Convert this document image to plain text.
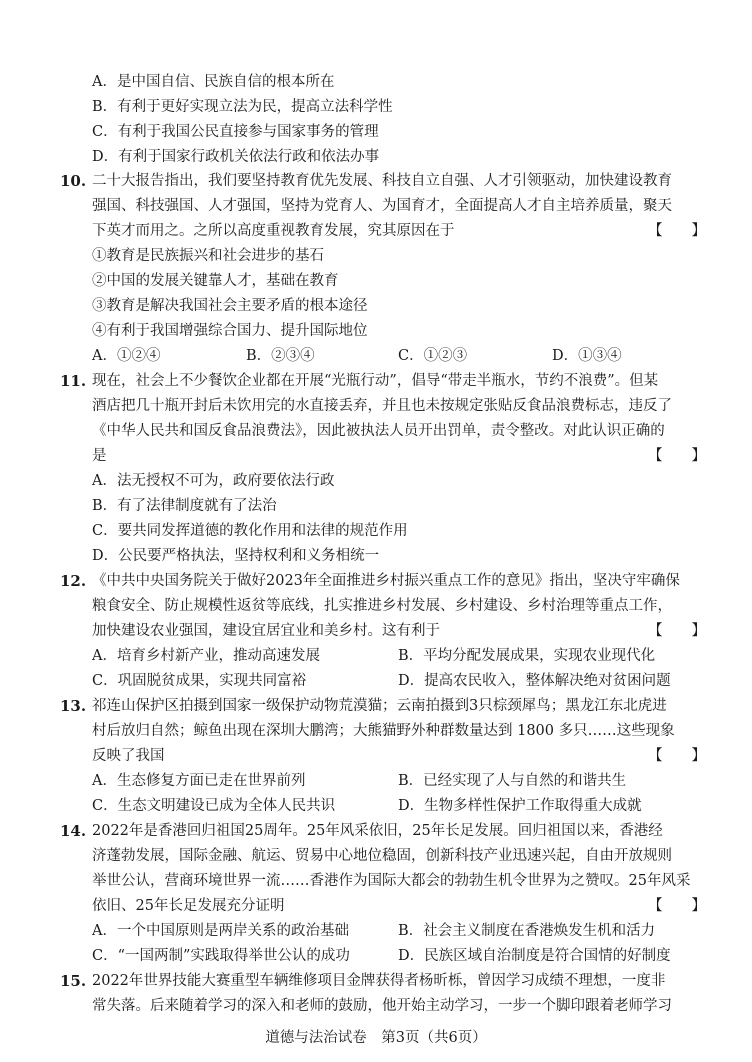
A．是中国自信、民族自信的根本所在
B．有利于更好实现立法为民，提高立法科学性
C．有利于我国公民直接参与国家事务的管理
D．有利于国家行政机关依法行政和依法办事
10. 二十大报告指出，我们要坚持教育优先发展、科技自立自强、人才引领驱动，加快建设教育
强国、科技强国、人才强国，坚持为党育人、为国育才，全面提高人才自主培养质量，聚天
下英才而用之。之所以高度重视教育发展，究其原因在于	【　　】
①教育是民族振兴和社会进步的基石
②中国的发展关键靠人才，基础在教育
③教育是解决我国社会主要矛盾的根本途径
④有利于我国增强综合国力、提升国际地位
A．①②④	B．②③④	C．①②③	D．①③④
11. 现在，社会上不少餐饮企业都在开展“光瓶行动”，倡导“带走半瓶水，节约不浪费”。但某
酒店把几十瓶开封后未饮用完的水直接丢弃，并且也未按规定张贴反食品浪费标志，违反了
《中华人民共和国反食品浪费法》，因此被执法人员开出罚单，责令整改。对此认识正确的
是	【　　】
A．法无授权不可为，政府要依法行政
B．有了法律制度就有了法治
C．要共同发挥道德的教化作用和法律的规范作用
D．公民要严格执法，坚持权利和义务相统一
12. 《中共中央国务院关于做好2023年全面推进乡村振兴重点工作的意见》指出，坚决守牢确保
粮食安全、防止规模性返贫等底线，扎实推进乡村发展、乡村建设、乡村治理等重点工作，
加快建设农业强国，建设宜居宜业和美乡村。这有利于	【　　】
A．培育乡村新产业，推动高速发展	B．平均分配发展成果，实现农业现代化
C．巩固脱贫成果，实现共同富裕	D．提高农民收入，整体解决绝对贫困问题
13. 祁连山保护区拍摄到国家一级保护动物荒漠猫；云南拍摄到3只棕颈犀鸟；黑龙江东北虎进
村后放归自然；鲸鱼出现在深圳大鹏湾；大熊猫野外种群数量达到 1800 多只……这些现象
反映了我国	【　　】
A．生态修复方面已走在世界前列	B．已经实现了人与自然的和谐共生
C．生态文明建设已成为全体人民共识	D．生物多样性保护工作取得重大成就
14. 2022年是香港回归祖国25周年。25年风采依旧，25年长足发展。回归祖国以来，香港经
济蓬勃发展，国际金融、航运、贸易中心地位稳固，创新科技产业迅速兴起，自由开放规则
举世公认，营商环境世界一流……香港作为国际大都会的勃勃生机令世界为之赞叹。25年风采
依旧、25年长足发展充分证明	【　　】
A．一个中国原则是两岸关系的政治基础	B．社会主义制度在香港焕发生机和活力
C．“一国两制”实践取得举世公认的成功	D．民族区域自治制度是符合国情的好制度
15. 2022年世界技能大赛重型车辆维修项目金牌获得者杨昕栎，曾因学习成绩不理想，一度非
常失落。后来随着学习的深入和老师的鼓励，他开始主动学习，一步一个脚印跟着老师学习
道德与法治试卷　第3页（共6页）
